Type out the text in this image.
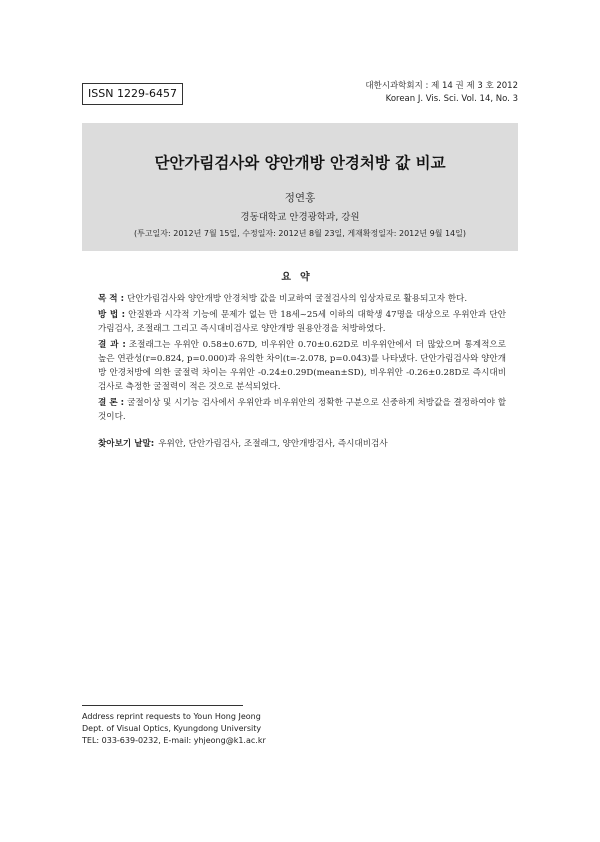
ISSN 1229-6457
대한시과학회지 : 제 14 권 제 3 호 2012
Korean J. Vis. Sci. Vol. 14, No. 3
단안가림검사와 양안개방 안경처방 값 비교
정연홍
경동대학교 안경광학과, 강원
(투고일자: 2012년 7월 15일, 수정일자: 2012년 8월 23일, 게재확정일자: 2012년 9월 14일)
요약

목 적 : 단안가림검사와 양안개방 안경처방 값을 비교하여 굴절검사의 임상자료로 활용되고자 한다.

방 법 : 안질환과 시각적 기능에 문제가 없는 만 18세~25세 이하의 대학생 47명을 대상으로 우위안과 단안가림검사, 조절래그 그리고 즉시대비검사로 양안개방 원용안경을 처방하였다.

결 과 : 조절래그는 우위안 0.58±0.67D, 비우위안 0.70±0.62D로 비우위안에서 더 많았으며 통계적으로 높은 연관성(r=0.824, p=0.000)과 유의한 차이(t=-2.078, p=0.043)를 나타냈다. 단안가림검사와 양안개방 안경처방에 의한 굴절력 차이는 우위안 -0.24±0.29D(mean±SD), 비우위안 -0.26±0.28D로 즉시대비검사로 측정한 굴절력이 적은 것으로 분석되었다.

결 론 : 굴절이상 및 시기능 검사에서 우위안과 비우위안의 정확한 구분으로 신중하게 처방값을 결정하여야 할 것이다.

찾아보기 낱말: 우위안, 단안가림검사, 조절래그, 양안개방검사, 즉시대비검사
Address reprint requests to Youn Hong Jeong
Dept. of Visual Optics, Kyungdong University
TEL: 033-639-0232, E-mail: yhjeong@k1.ac.kr
